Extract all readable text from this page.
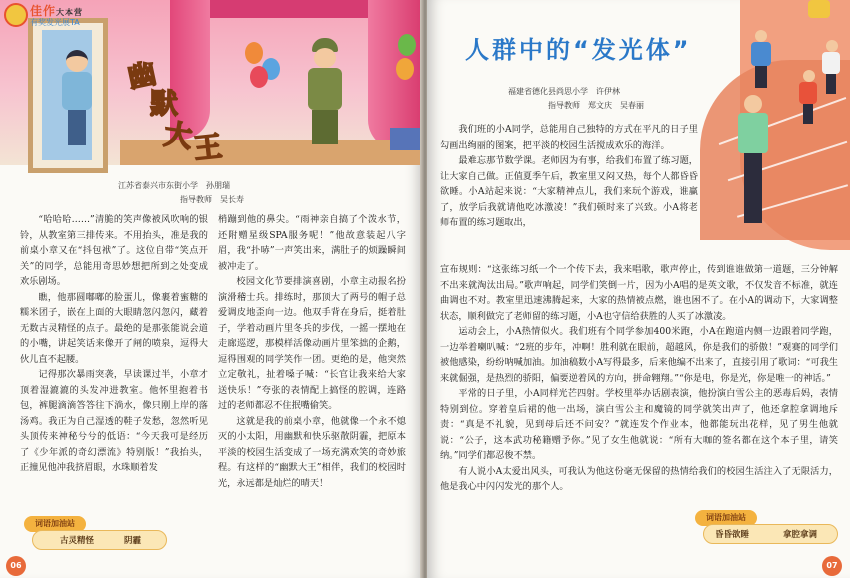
佳作大本营
有奖发光展TA
幽
默
大
王
江苏省泰兴市东街小学　 孙朋瑞
指导教师　 吴长寿

“哈哈哈……”清脆的笑声像被风吹响的银铃，从教室第三排传来。不用抬头，准是我的前桌小章又在“抖包袱”了。这位自带“笑点开关”的同学，总能用奇思妙想把所到之处变成欢乐剧场。

瞧，他那圆嘟嘟的脸蛋儿，像裹着蜜糖的糯米团子，嵌在上面的大眼睛忽闪忽闪，藏着无数古灵精怪的点子。最绝的是那张能说会道的小嘴，讲起笑话来像开了闸的喷泉，逗得大伙儿直不起腰。

记得那次暴雨突袭，早读课过半，小章才顶着湿漉漉的头发冲进教室。他怀里抱着书包，裤腿滴滴答答往下淌水，像只刚上岸的落汤鸡。我正为自己湿透的鞋子发愁，忽然听见头顶传来神秘兮兮的低语：“今天我可是经历了《少年派的奇幻漂流》特别版！”我抬头，正撞见他冲我挤眉眼，水珠顺着发

梢蹦到他的鼻尖。“雨神亲自搞了个泼水节，还附赠星级SPA服务呢！”他故意装起八字眉，我“扑哧”一声笑出来，满肚子的烦躁瞬间被冲走了。

校园文化节要排演喜剧，小章主动报名扮演滑稽士兵。排练时，那顶大了两号的帽子总爱调皮地歪向一边。他双手背在身后，挺着肚子，学着动画片里冬兵的步伐，一摇一摆地在走廊巡逻，那模样活像动画片里笨拙的企鹅，逗得围观的同学笑作一团。更绝的是，他突然立定敬礼，扯着嗓子喊：“长官让我来给大家送快乐！”夸张的表情配上搞怪的腔调，连路过的老师都忍不住抿嘴偷笑。

这就是我的前桌小章，他就像一个永不熄灭的小太阳，用幽默和快乐驱散阴霾，把原本平淡的校园生活变成了一场充满欢笑的奇妙旅程。有这样的“幽默大王”相伴，我们的校园时光，永远都是灿烂的晴天！

词语加油站
古灵精怪	阴霾
06
人群中的“发光体”
福建省德化县尚思小学　 许伊林
指导教师　 郑文庆　吴春丽

我们班的小A同学，总能用自己独特的方式在平凡的日子里勾画出绚丽的图案，把平淡的校园生活搅成欢乐的海洋。

最难忘那节数学课。老师因为有事，给我们布置了练习题，让大家自己做。正值夏季午后，教室里又闷又热，每个人都昏昏欲睡。小A站起来说：“大家精神点儿，我们来玩个游戏，谁赢了，放学后我就请他吃冰激凌！”我们顿时来了兴致。小A将老师布置的练习题取出，

宣布规则：“这张练习纸一个一个传下去，我来唱歌，歌声停止，传到谁谁做第一道题，三分钟解不出来就淘汰出局。”歌声响起，同学们笑倒一片，因为小A唱的是英文歌，不仅发音不标准，就连曲调也不对。教室里迅速沸腾起来，大家的热情被点燃，谁也困不了。在小A的调动下，大家调整状态，顺利做完了老师留的练习题，小A也守信给获胜的人买了冰激凌。

运动会上，小A热情似火。我们班有个同学参加400米跑，小A在跑道内侧一边跟着同学跑，一边举着喇叭喊：“2班的步年，冲啊！胜利就在眼前，超越风，你是我们的骄傲！”观赛的同学们被他感染，纷纷呐喊加油。加油稿数小A写得最多，后来他编不出来了，直接引用了歌词：“可我生来就倔强，是热烈的骄阳，偏要逆着风的方向，拼命翱翔。”“你是电，你是光，你是唯一的神话。”

平常的日子里，小A同样光芒四射。学校里举办话剧表演，他扮演白雪公主的恶毒后妈，表情特别到位。穿着皇后裙的他一出场，演白雪公主和魔镜的同学就笑出声了，他还拿腔拿调地斥责：“真是不礼貌，见到母后还不问安？”就连发个作业本，他都能玩出花样，见了男生他就说：“公子，这本武功秘籍赠予你。”见了女生他就说：“所有大咖的签名都在这个本子里，请笑纳。”同学们都忍俊不禁。

有人说小A太爱出风头，可我认为他这份毫无保留的热情给我们的校园生活注入了无限活力，他是我心中闪闪发光的那个人。

词语加油站
昏昏欲睡	拿腔拿调
07
